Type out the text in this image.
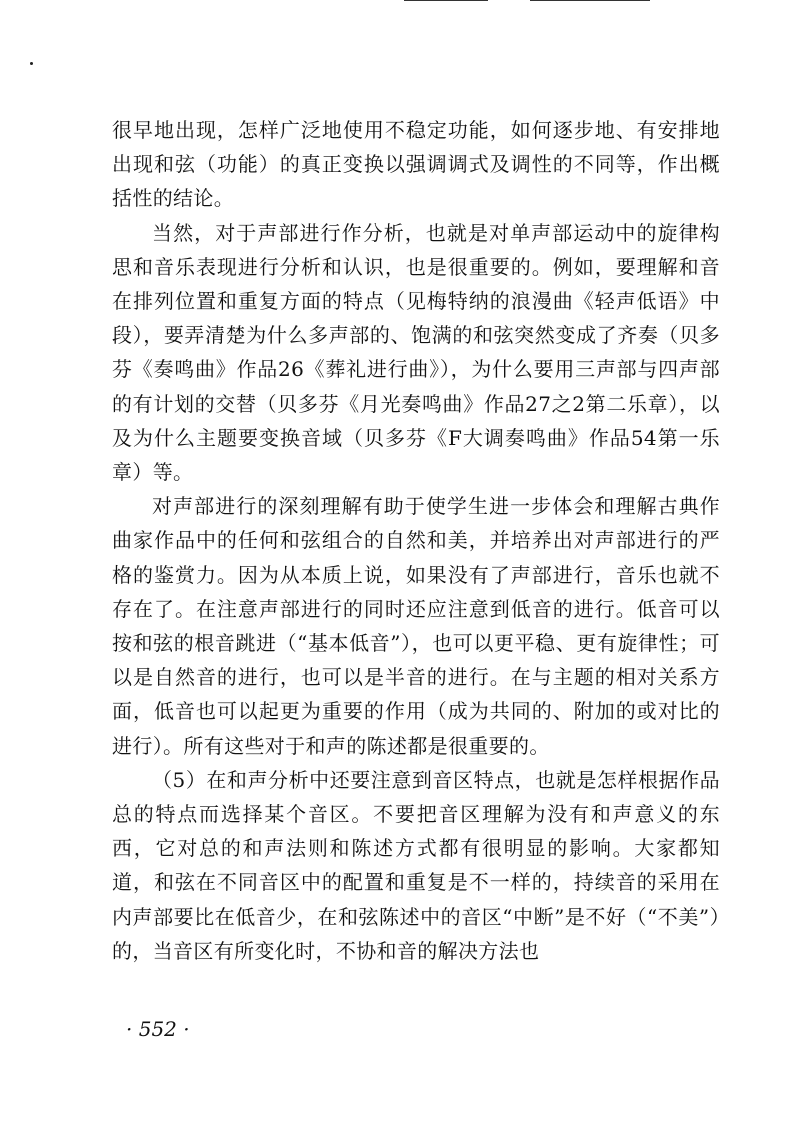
很早地出现，怎样广泛地使用不稳定功能，如何逐步地、有安排地出现和弦（功能）的真正变换以强调调式及调性的不同等，作出概括性的结论。

当然，对于声部进行作分析，也就是对单声部运动中的旋律构思和音乐表现进行分析和认识，也是很重要的。例如，要理解和音在排列位置和重复方面的特点（见梅特纳的浪漫曲《轻声低语》中段），要弄清楚为什么多声部的、饱满的和弦突然变成了齐奏（贝多芬《奏鸣曲》作品26《葬礼进行曲》），为什么要用三声部与四声部的有计划的交替（贝多芬《月光奏鸣曲》作品27之2第二乐章），以及为什么主题要变换音域（贝多芬《F大调奏鸣曲》作品54第一乐章）等。

对声部进行的深刻理解有助于使学生进一步体会和理解古典作曲家作品中的任何和弦组合的自然和美，并培养出对声部进行的严格的鉴赏力。因为从本质上说，如果没有了声部进行，音乐也就不存在了。在注意声部进行的同时还应注意到低音的进行。低音可以按和弦的根音跳进（“基本低音”），也可以更平稳、更有旋律性；可以是自然音的进行，也可以是半音的进行。在与主题的相对关系方面，低音也可以起更为重要的作用（成为共同的、附加的或对比的进行）。所有这些对于和声的陈述都是很重要的。

（5）在和声分析中还要注意到音区特点，也就是怎样根据作品总的特点而选择某个音区。不要把音区理解为没有和声意义的东西，它对总的和声法则和陈述方式都有很明显的影响。大家都知道，和弦在不同音区中的配置和重复是不一样的，持续音的采用在内声部要比在低音少，在和弦陈述中的音区“中断”是不好（“不美”）的，当音区有所变化时，不协和音的解决方法也

· 552 ·
